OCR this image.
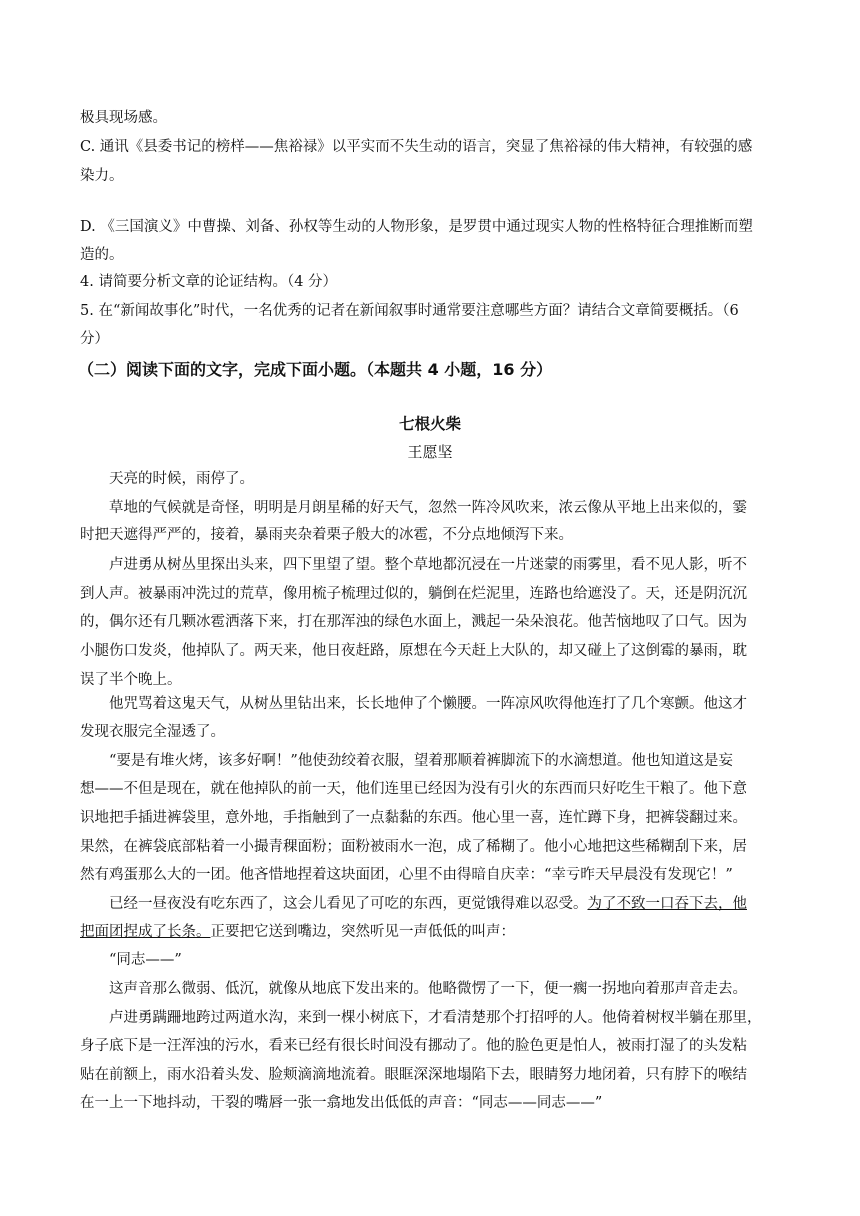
极具现场感。
C. 通讯《县委书记的榜样——焦裕禄》以平实而不失生动的语言，突显了焦裕禄的伟大精神，有较强的感
染力。
D. 《三国演义》中曹操、刘备、孙权等生动的人物形象，是罗贯中通过现实人物的性格特征合理推断而塑
造的。
4. 请简要分析文章的论证结构。（4 分）
5. 在“新闻故事化”时代，一名优秀的记者在新闻叙事时通常要注意哪些方面？请结合文章简要概括。（6
分）
（二）阅读下面的文字，完成下面小题。（本题共 4 小题，16 分）
七根火柴
王愿坚
　　天亮的时候，雨停了。
　　草地的气候就是奇怪，明明是月朗星稀的好天气，忽然一阵冷风吹来，浓云像从平地上出来似的，霎
时把天遮得严严的，接着，暴雨夹杂着栗子般大的冰雹，不分点地倾泻下来。
　　卢进勇从树丛里探出头来，四下里望了望。整个草地都沉浸在一片迷蒙的雨雾里，看不见人影，听不
到人声。被暴雨冲洗过的荒草，像用梳子梳理过似的，躺倒在烂泥里，连路也给遮没了。天，还是阴沉沉
的，偶尔还有几颗冰雹洒落下来，打在那浑浊的绿色水面上，溅起一朵朵浪花。他苦恼地叹了口气。因为
小腿伤口发炎，他掉队了。两天来，他日夜赶路，原想在今天赶上大队的，却又碰上了这倒霉的暴雨，耽
误了半个晚上。
　　他咒骂着这鬼天气，从树丛里钻出来，长长地伸了个懒腰。一阵凉风吹得他连打了几个寒颤。他这才
发现衣服完全湿透了。
　　“要是有堆火烤，该多好啊！”他使劲绞着衣服，望着那顺着裤脚流下的水滴想道。他也知道这是妄
想——不但是现在，就在他掉队的前一天，他们连里已经因为没有引火的东西而只好吃生干粮了。他下意
识地把手插进裤袋里，意外地，手指触到了一点黏黏的东西。他心里一喜，连忙蹲下身，把裤袋翻过来。
果然，在裤袋底部粘着一小撮青稞面粉；面粉被雨水一泡，成了稀糊了。他小心地把这些稀糊刮下来，居
然有鸡蛋那么大的一团。他吝惜地捏着这块面团，心里不由得暗自庆幸：“幸亏昨天早晨没有发现它！”
　　已经一昼夜没有吃东西了，这会儿看见了可吃的东西，更觉饿得难以忍受。为了不致一口吞下去，他
把面团捏成了长条。正要把它送到嘴边，突然听见一声低低的叫声：
　　“同志——”
　　这声音那么微弱、低沉，就像从地底下发出来的。他略微愣了一下，便一瘸一拐地向着那声音走去。
　　卢进勇蹒跚地跨过两道水沟，来到一棵小树底下，才看清楚那个打招呼的人。他倚着树杈半躺在那里，
身子底下是一汪浑浊的污水，看来已经有很长时间没有挪动了。他的脸色更是怕人，被雨打湿了的头发粘
贴在前额上，雨水沿着头发、脸颊滴滴地流着。眼眶深深地塌陷下去，眼睛努力地闭着，只有脖下的喉结
在一上一下地抖动，干裂的嘴唇一张一翕地发出低低的声音：“同志——同志——”
